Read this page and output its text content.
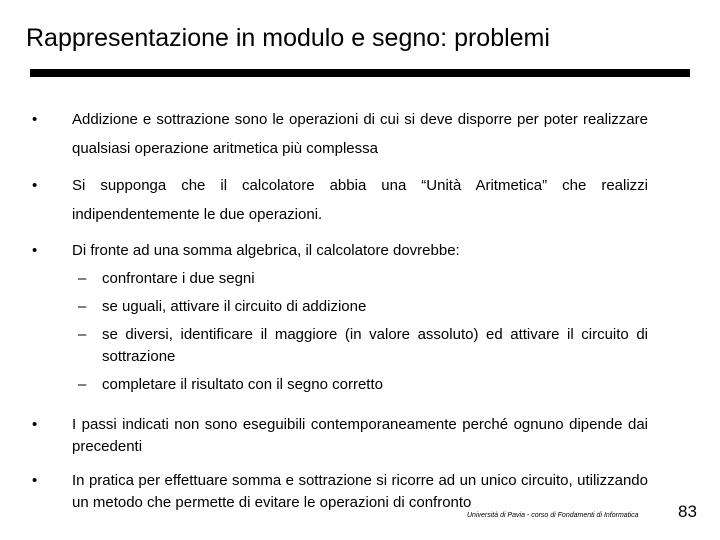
Rappresentazione in modulo e segno: problemi

• Addizione e sottrazione sono le operazioni di cui si deve disporre per poter realizzare qualsiasi operazione aritmetica più complessa

• Si supponga che il calcolatore abbia una “Unità Aritmetica” che realizzi indipendentemente le due operazioni.

• Di fronte ad una somma algebrica, il calcolatore dovrebbe:
– confrontare i due segni
– se uguali, attivare il circuito di addizione
– se diversi, identificare il maggiore (in valore assoluto) ed attivare il circuito di sottrazione
– completare il risultato con il segno corretto

• I passi indicati non sono eseguibili contemporaneamente perché ognuno dipende dai precedenti

• In pratica per effettuare somma e sottrazione si ricorre ad un unico circuito, utilizzando un metodo che permette di evitare le operazioni di confronto

Università di Pavia - corso di Fondamenti di Informatica 83
